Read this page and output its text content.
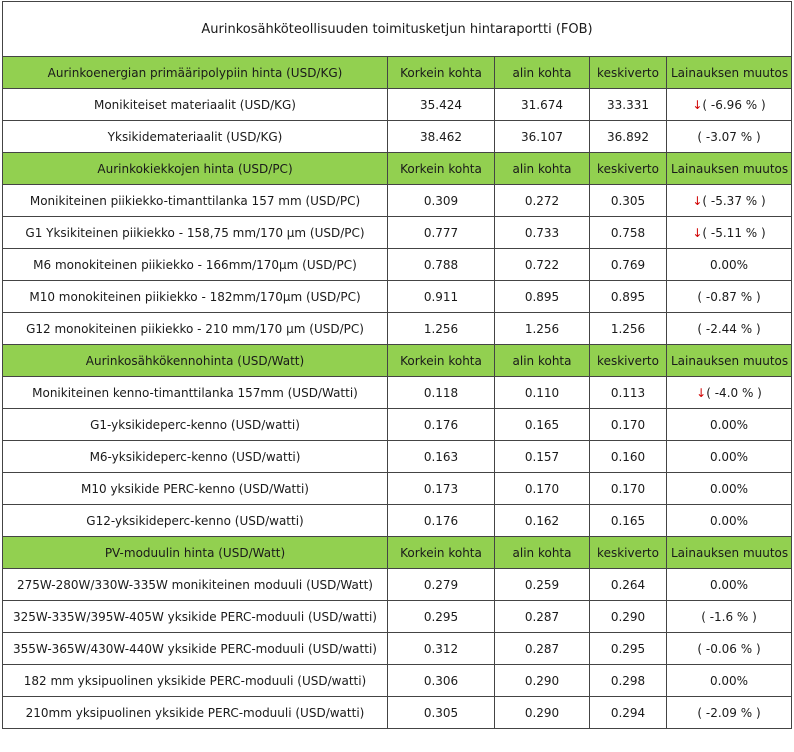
Aurinkosähköteollisuuden toimitusketjun hintaraportti (FOB)				
Aurinkoenergian primääripolypiin hinta (USD/KG)	Korkein kohta	alin kohta	keskiverto	Lainauksen muutos
Monikiteiset materiaalit (USD/KG)	35.424	31.674	33.331	↓( -6.96 % )
Yksikidemateriaalit (USD/KG)	38.462	36.107	36.892	( -3.07 % )
Aurinkokiekkojen hinta (USD/PC)	Korkein kohta	alin kohta	keskiverto	Lainauksen muutos
Monikiteinen piikiekko-timanttilanka 157 mm (USD/PC)	0.309	0.272	0.305	↓( -5.37 % )
G1 Yksikiteinen piikiekko - 158,75 mm/170 μm (USD/PC)	0.777	0.733	0.758	↓( -5.11 % )
M6 monokiteinen piikiekko - 166mm/170μm (USD/PC)	0.788	0.722	0.769	0.00%
M10 monokiteinen piikiekko - 182mm/170μm (USD/PC)	0.911	0.895	0.895	( -0.87 % )
G12 monokiteinen piikiekko - 210 mm/170 μm (USD/PC)	1.256	1.256	1.256	( -2.44 % )
Aurinkosähkökennohinta (USD/Watt)	Korkein kohta	alin kohta	keskiverto	Lainauksen muutos
Monikiteinen kenno-timanttilanka 157mm (USD/Watti)	0.118	0.110	0.113	↓( -4.0 % )
G1-yksikideperc-kenno (USD/watti)	0.176	0.165	0.170	0.00%
M6-yksikideperc-kenno (USD/watti)	0.163	0.157	0.160	0.00%
M10 yksikide PERC-kenno (USD/Watti)	0.173	0.170	0.170	0.00%
G12-yksikideperc-kenno (USD/watti)	0.176	0.162	0.165	0.00%
PV-moduulin hinta (USD/Watt)	Korkein kohta	alin kohta	keskiverto	Lainauksen muutos
275W-280W/330W-335W monikiteinen moduuli (USD/Watt)	0.279	0.259	0.264	0.00%
325W-335W/395W-405W yksikide PERC-moduuli (USD/watti)	0.295	0.287	0.290	( -1.6 % )
355W-365W/430W-440W yksikide PERC-moduuli (USD/watti)	0.312	0.287	0.295	( -0.06 % )
182 mm yksipuolinen yksikide PERC-moduuli (USD/watti)	0.306	0.290	0.298	0.00%
210mm yksipuolinen yksikide PERC-moduuli (USD/watti)	0.305	0.290	0.294	( -2.09 % )
